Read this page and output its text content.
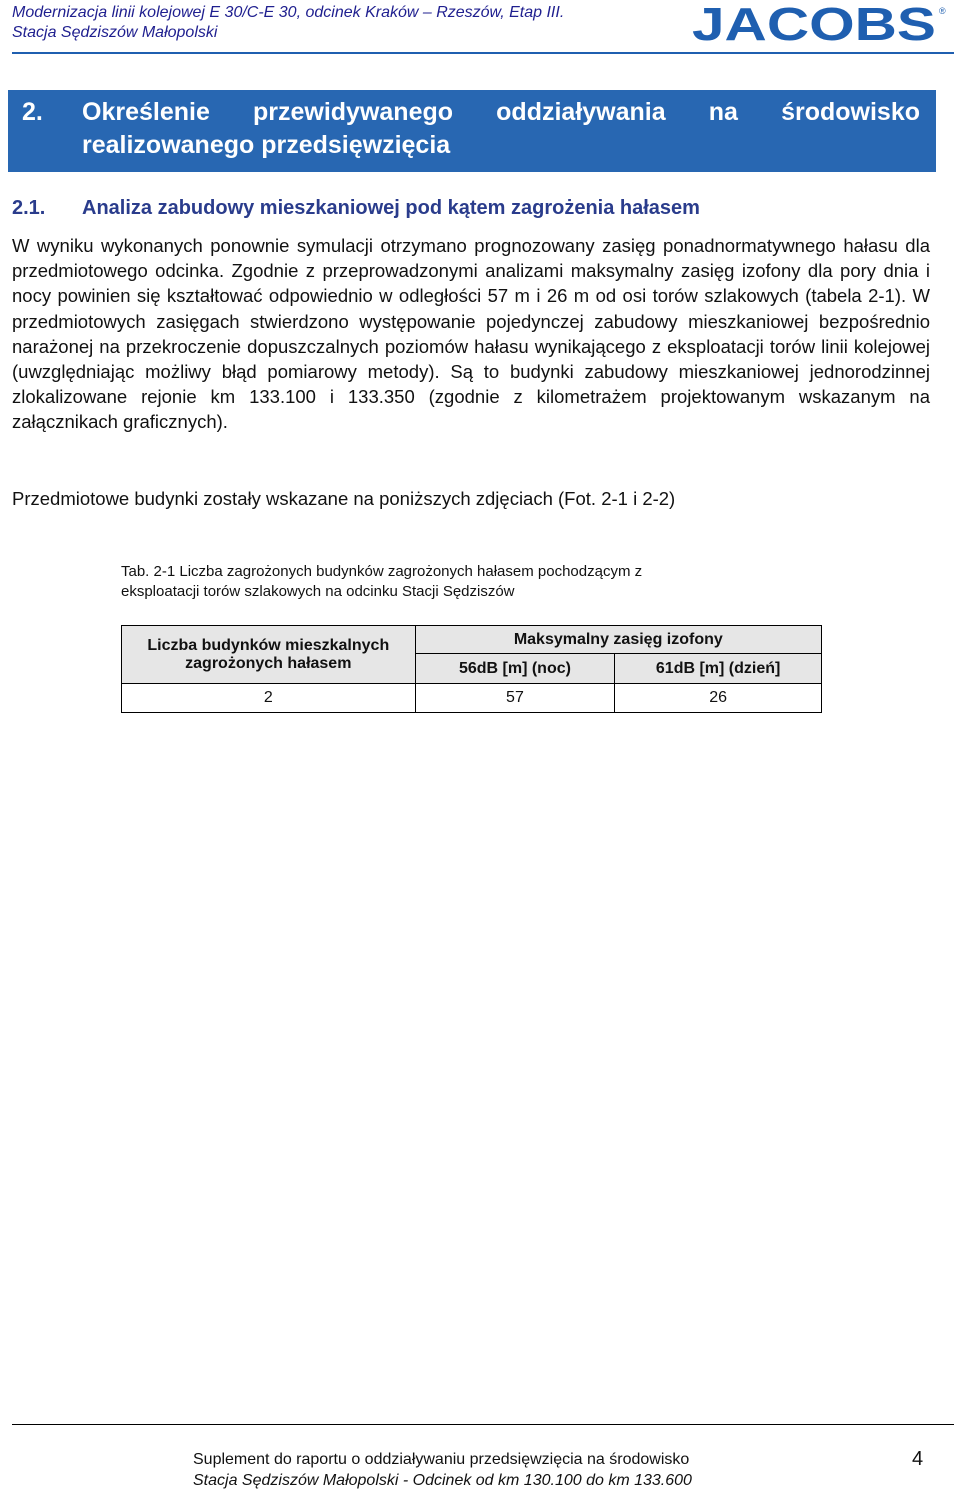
Modernizacja linii kolejowej E 30/C-E 30, odcinek Kraków – Rzeszów, Etap III.
Stacja Sędziszów Małopolski	JACOBS ®
2.	Określenie przewidywanego oddziaływania na środowisko
realizowanego przedsięwzięcia
2.1. Analiza zabudowy mieszkaniowej pod kątem zagrożenia hałasem

W wyniku wykonanych ponownie symulacji otrzymano prognozowany zasięg ponadnormatywnego hałasu dla przedmiotowego odcinka. Zgodnie z przeprowadzonymi analizami maksymalny zasięg izofony dla pory dnia i nocy powinien się kształtować odpowiednio w odległości 57 m i 26 m od osi torów szlakowych (tabela 2-1). W przedmiotowych zasięgach stwierdzono występowanie pojedynczej zabudowy mieszkaniowej bezpośrednio narażonej na przekroczenie dopuszczalnych poziomów hałasu wynikającego z eksploatacji torów linii kolejowej (uwzględniając możliwy błąd pomiarowy metody). Są to budynki zabudowy mieszkaniowej jednorodzinnej zlokalizowane rejonie km 133.100 i 133.350 (zgodnie z kilometrażem projektowanym wskazanym na załącznikach graficznych).

Przedmiotowe budynki zostały wskazane na poniższych zdjęciach (Fot. 2-1 i 2-2)

Tab. 2-1 Liczba zagrożonych budynków zagrożonych hałasem pochodzącym z
eksploatacji torów szlakowych na odcinku Stacji Sędziszów
Liczba budynków mieszkalnych
zagrożonych hałasem	Maksymalny zasięg izofony	
	56dB [m] (noc)	61dB [m] (dzień]
2	57	26
Suplement do raportu o oddziaływaniu przedsięwzięcia na środowisko
Stacja Sędziszów Małopolski - Odcinek od km 130.100 do km 133.600
4
